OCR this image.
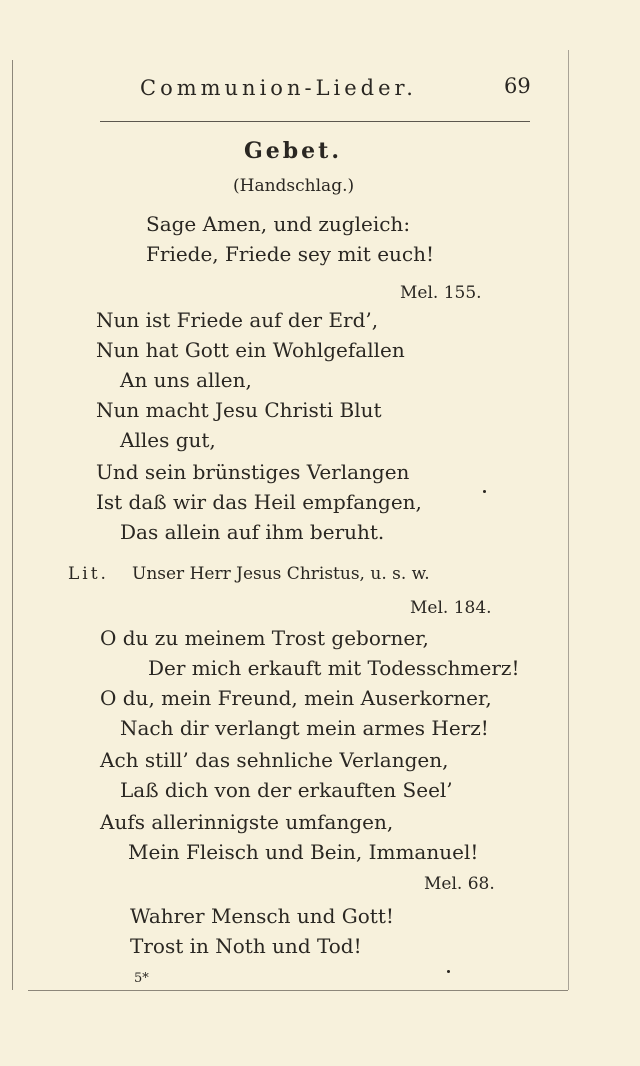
Communion-Lieder.	69
Gebet.
(Handschlag.)
Sage Amen, und zugleich:
Friede, Friede sey mit euch!
Mel. 155.
Nun ist Friede auf der Erd’,
Nun hat Gott ein Wohlgefallen
An uns allen,
Nun macht Jesu Christi Blut
Alles gut,
Und sein brünstiges Verlangen
Ist daß wir das Heil empfangen,
Das allein auf ihm beruht.
Lit. Unser Herr Jesus Christus, u. s. w.
Mel. 184.
O du zu meinem Trost geborner,
Der mich erkauft mit Todesschmerz!
O du, mein Freund, mein Auserkorner,
Nach dir verlangt mein armes Herz!
Ach still’ das sehnliche Verlangen,
Laß dich von der erkauften Seel’
Aufs allerinnigste umfangen,
Mein Fleisch und Bein, Immanuel!
Mel. 68.
Wahrer Mensch und Gott!
Trost in Noth und Tod!
5*
